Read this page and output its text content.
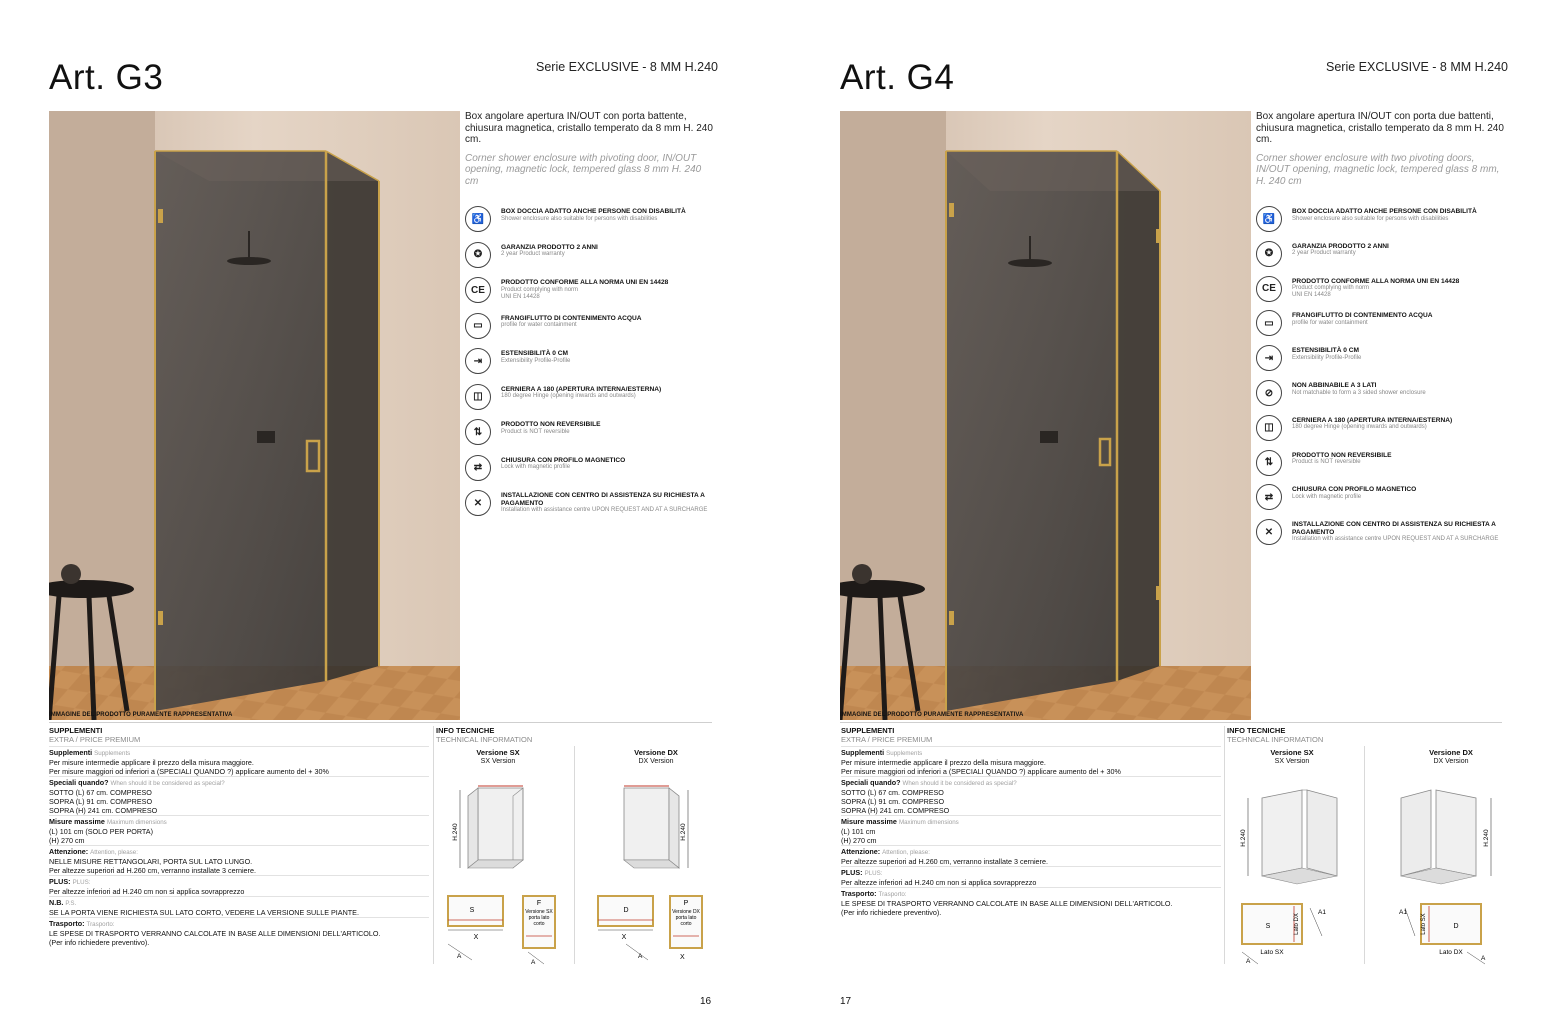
Art. G3	Serie EXCLUSIVE - 8 MM H.240
IMMAGINE DEL PRODOTTO PURAMENTE RAPPRESENTATIVA
Box angolare apertura IN/OUT con porta battente, chiusura magnetica, cristallo temperato da 8 mm H. 240 cm.
Corner shower enclosure with pivoting door, IN/OUT opening, magnetic lock, tempered glass 8 mm H. 240 cm
♿
BOX DOCCIA ADATTO ANCHE PERSONE CON DISABILITÀ
Shower enclosure also suitable for persons with disabilities
✪
GARANZIA PRODOTTO 2 ANNI
2 year Product warranty
CE
PRODOTTO CONFORME ALLA NORMA UNI EN 14428
Product complying with norm
UNI EN 14428
▭
FRANGIFLUTTO DI CONTENIMENTO ACQUA
profile for water containment
⇥
ESTENSIBILITÀ 0 CM
Extensibility Profile-Profile
◫
CERNIERA A 180 (APERTURA INTERNA/ESTERNA)
180 degree Hinge (opening inwards and outwards)
⇅
PRODOTTO NON REVERSIBILE
Product is NOT reversible
⇄
CHIUSURA CON PROFILO MAGNETICO
Lock with magnetic profile
✕
INSTALLAZIONE CON CENTRO DI ASSISTENZA SU RICHIESTA A PAGAMENTO
Installation with assistance centre UPON REQUEST AND AT A SURCHARGE
SUPPLEMENTI
EXTRA / PRICE PREMIUM
Supplementi Supplements
Per misure intermedie applicare il prezzo della misura maggiore.
Per misure maggiori od inferiori a (SPECIALI QUANDO ?) applicare aumento del + 30%
Speciali quando? When should it be considered as special?
SOTTO (L) 67 cm. COMPRESO
SOPRA (L) 91 cm. COMPRESO
SOPRA (H) 241 cm. COMPRESO
Misure massime Maximum dimensions
(L) 101 cm (SOLO PER PORTA)
(H) 270 cm
Attenzione: Attention, please:
NELLE MISURE RETTANGOLARI, PORTA SUL LATO LUNGO.
Per altezze superiori ad H.260 cm, verranno installate 3 cerniere.
PLUS: PLUS:
Per altezze inferiori ad H.240 cm non si applica sovrapprezzo
N.B. P.S.
SE LA PORTA VIENE RICHIESTA SUL LATO CORTO, VEDERE LA VERSIONE SULLE PIANTE.
Trasporto: Trasporto:
LE SPESE DI TRASPORTO VERRANNO CALCOLATE IN BASE ALLE DIMENSIONI DELL'ARTICOLO.
(Per info richiedere preventivo).
INFO TECNICHE
TECHNICAL INFORMATION
Versione SX
SX Version
H.240
S
X
A
F
Versione SX
porta lato
corto
A
Versione DX
DX Version
H.240
D
X
A
P
Versione DX
porta lato
corto
X
16
Art. G4	Serie EXCLUSIVE - 8 MM H.240
IMMAGINE DEL PRODOTTO PURAMENTE RAPPRESENTATIVA
Box angolare apertura IN/OUT con porta due battenti, chiusura magnetica, cristallo temperato da 8 mm H. 240 cm.
Corner shower enclosure with two pivoting doors, IN/OUT opening, magnetic lock, tempered glass 8 mm, H. 240 cm
♿
BOX DOCCIA ADATTO ANCHE PERSONE CON DISABILITÀ
Shower enclosure also suitable for persons with disabilities
✪
GARANZIA PRODOTTO 2 ANNI
2 year Product warranty
CE
PRODOTTO CONFORME ALLA NORMA UNI EN 14428
Product complying with norm
UNI EN 14428
▭
FRANGIFLUTTO DI CONTENIMENTO ACQUA
profile for water containment
⇥
ESTENSIBILITÀ 0 CM
Extensibility Profile-Profile
⊘
NON ABBINABILE A 3 LATI
Not matchable to form a 3 sided shower enclosure
◫
CERNIERA A 180 (APERTURA INTERNA/ESTERNA)
180 degree Hinge (opening inwards and outwards)
⇅
PRODOTTO NON REVERSIBILE
Product is NOT reversible
⇄
CHIUSURA CON PROFILO MAGNETICO
Lock with magnetic profile
✕
INSTALLAZIONE CON CENTRO DI ASSISTENZA SU RICHIESTA A PAGAMENTO
Installation with assistance centre UPON REQUEST AND AT A SURCHARGE
SUPPLEMENTI
EXTRA / PRICE PREMIUM
Supplementi Supplements
Per misure intermedie applicare il prezzo della misura maggiore.
Per misure maggiori od inferiori a (SPECIALI QUANDO ?) applicare aumento del + 30%
Speciali quando? When should it be considered as special?
SOTTO (L) 67 cm. COMPRESO
SOPRA (L) 91 cm. COMPRESO
SOPRA (H) 241 cm. COMPRESO
Misure massime Maximum dimensions
(L) 101 cm
(H) 270 cm
Attenzione: Attention, please:
Per altezze superiori ad H.260 cm, verranno installate 3 cerniere.
PLUS: PLUS:
Per altezze inferiori ad H.240 cm non si applica sovrapprezzo
Trasporto: Trasporto:
LE SPESE DI TRASPORTO VERRANNO CALCOLATE IN BASE ALLE DIMENSIONI DELL'ARTICOLO.
(Per info richiedere preventivo).
INFO TECNICHE
TECHNICAL INFORMATION
Versione SX
SX Version
H.240
S	Lato DX
Lato SX
A
A1
Versione DX
DX Version
H.240
D
Lato SX
Lato DX
A1
A
17
